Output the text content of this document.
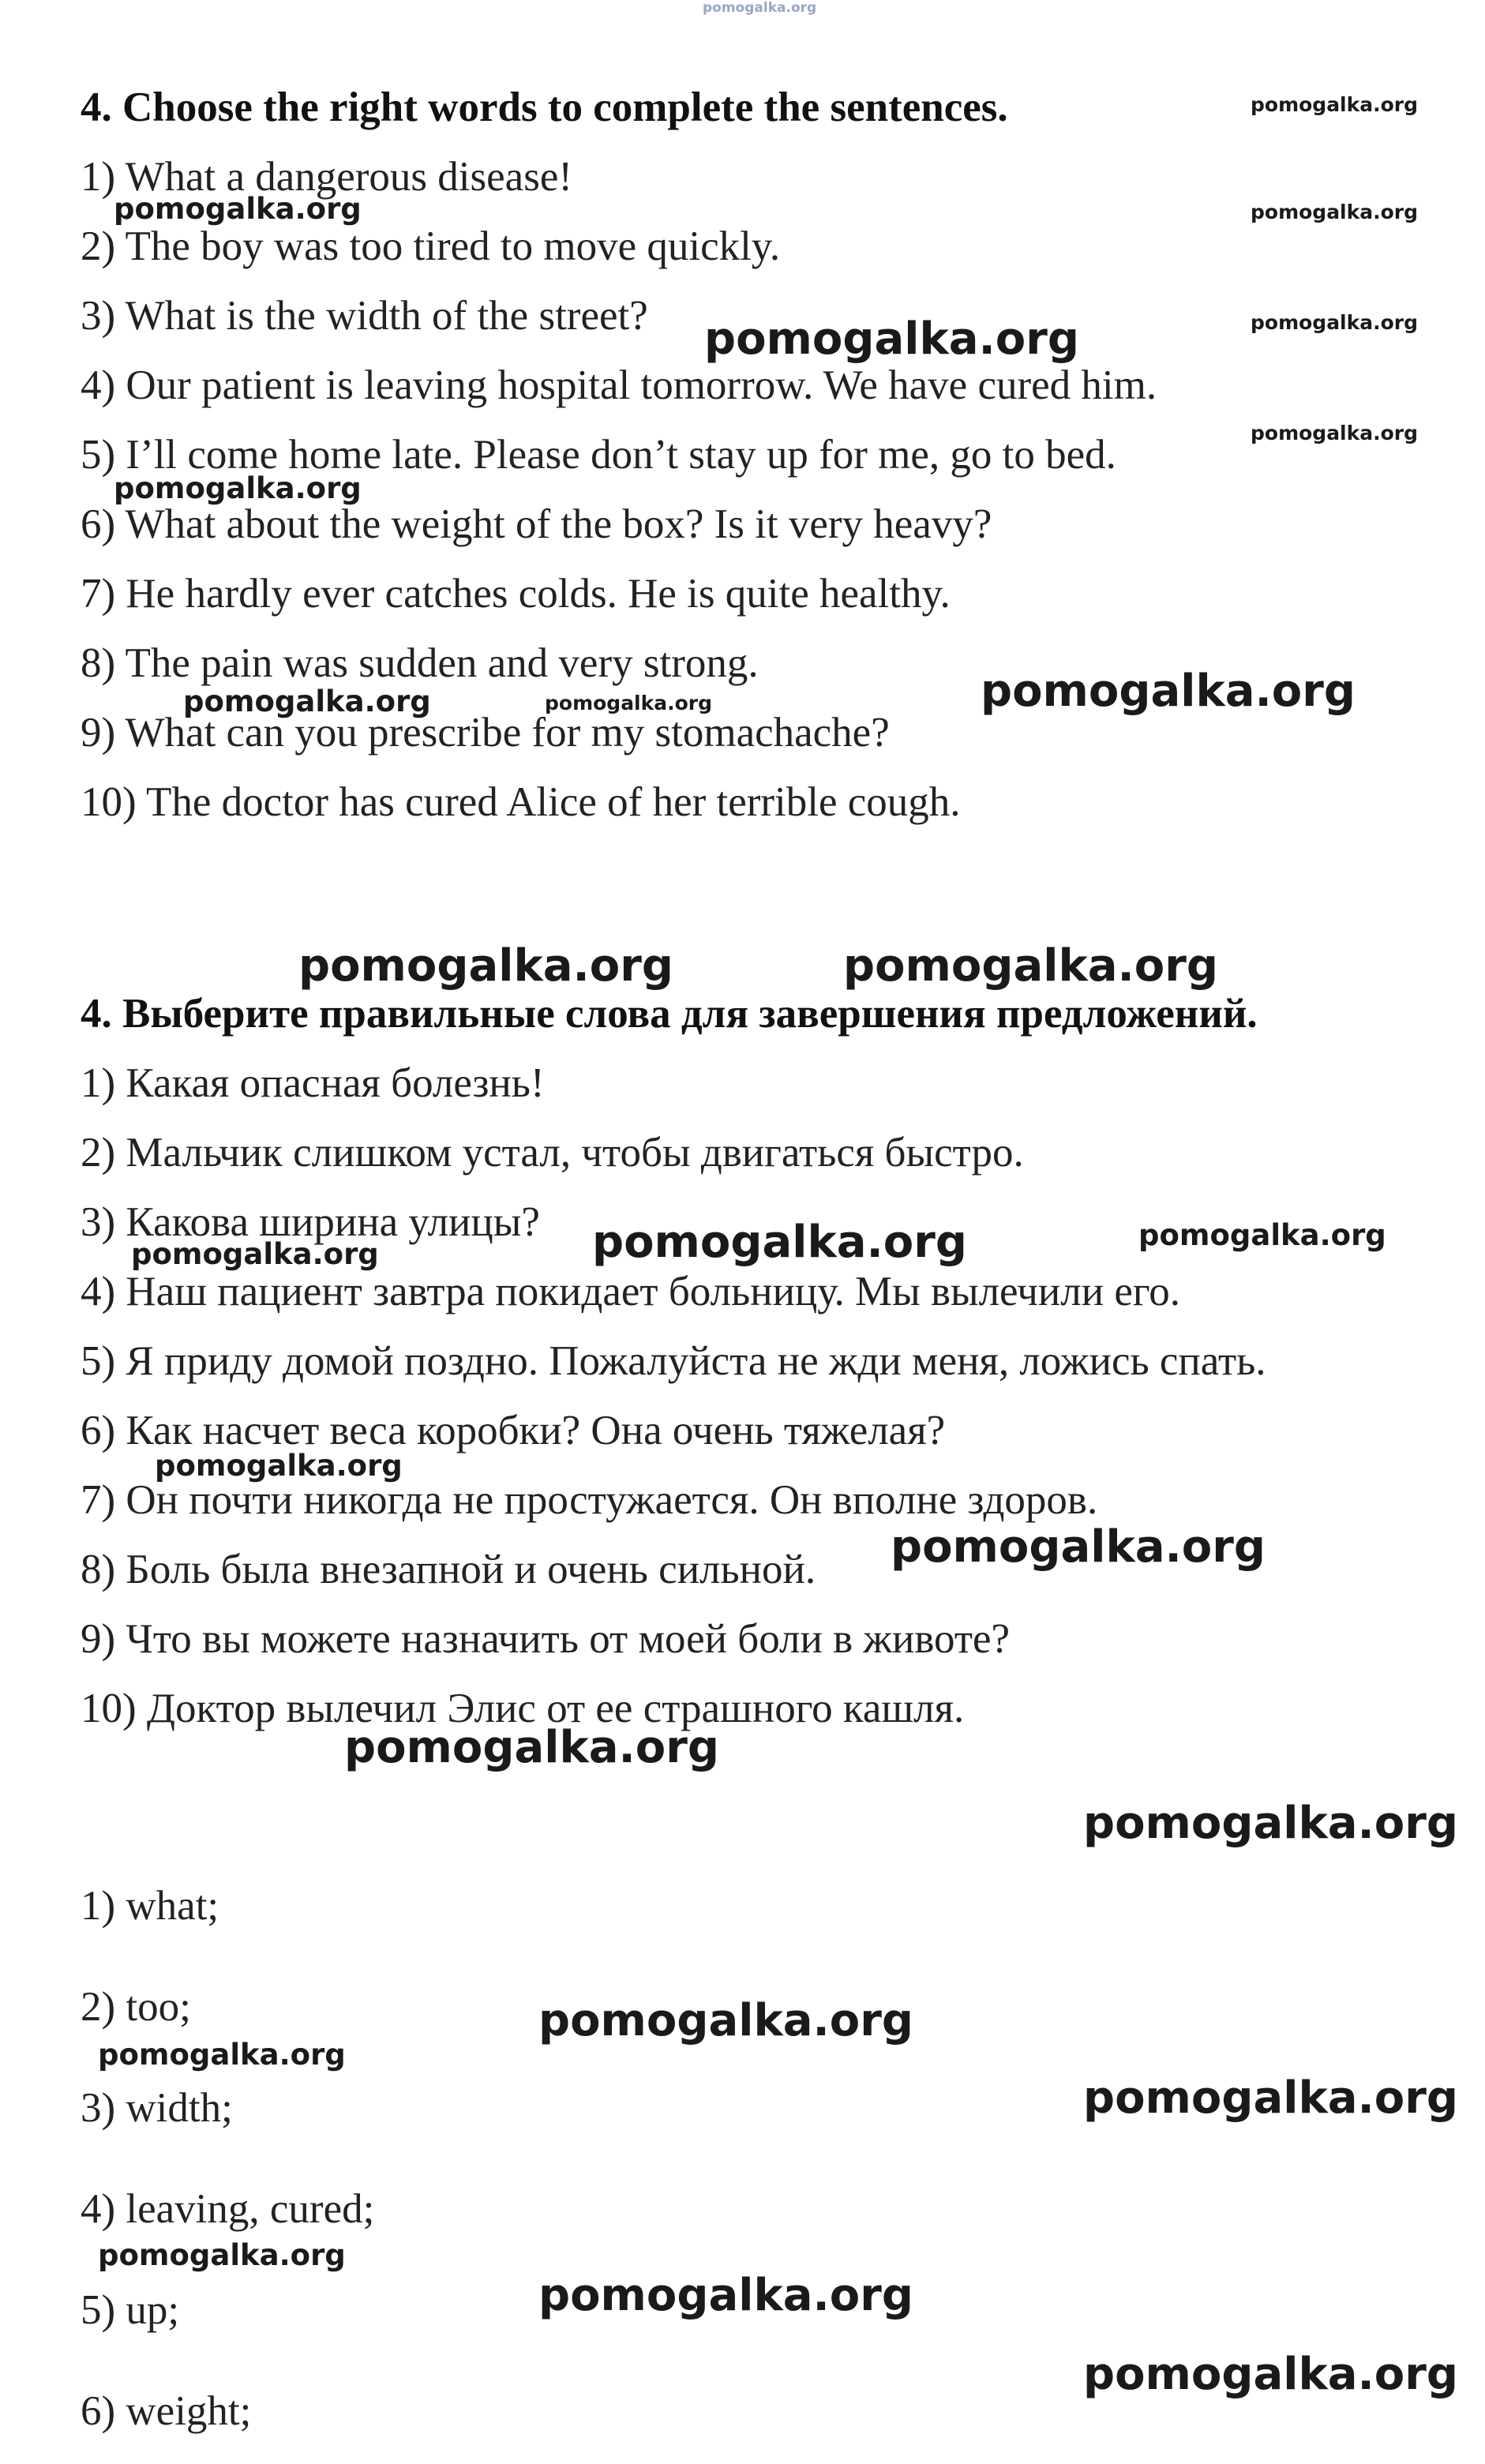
4. Choose the right words to complete the sentences.

1) What a dangerous disease!

2) The boy was too tired to move quickly.

3) What is the width of the street?

4) Our patient is leaving hospital tomorrow. We have cured him.

5) I’ll come home late. Please don’t stay up for me, go to bed.

6) What about the weight of the box? Is it very heavy?

7) He hardly ever catches colds. He is quite healthy.

8) The pain was sudden and very strong.

9) What can you prescribe for my stomachache?

10) The doctor has cured Alice of her terrible cough.

4. Выберите правильные слова для завершения предложений.

1) Какая опасная болезнь!

2) Мальчик слишком устал, чтобы двигаться быстро.

3) Какова ширина улицы?

4) Наш пациент завтра покидает больницу. Мы вылечили его.

5) Я приду домой поздно. Пожалуйста не жди меня, ложись спать.

6) Как насчет веса коробки? Она очень тяжелая?

7) Он почти никогда не простужается. Он вполне здоров.

8) Боль была внезапной и очень сильной.

9) Что вы можете назначить от моей боли в животе?

10) Доктор вылечил Элис от ее страшного кашля.

1) what;

2) too;

3) width;

4) leaving, cured;

5) up;

6) weight;

pomogalka.org
pomogalka.org
pomogalka.org	pomogalka.org
pomogalka.org
pomogalka.org
pomogalka.org
pomogalka.org
pomogalka.org	pomogalka.org	pomogalka.org
pomogalka.org	pomogalka.org
pomogalka.org	pomogalka.org	pomogalka.org
pomogalka.org
pomogalka.org
pomogalka.org
pomogalka.org
pomogalka.org
pomogalka.org
pomogalka.org
pomogalka.org
pomogalka.org
pomogalka.org
